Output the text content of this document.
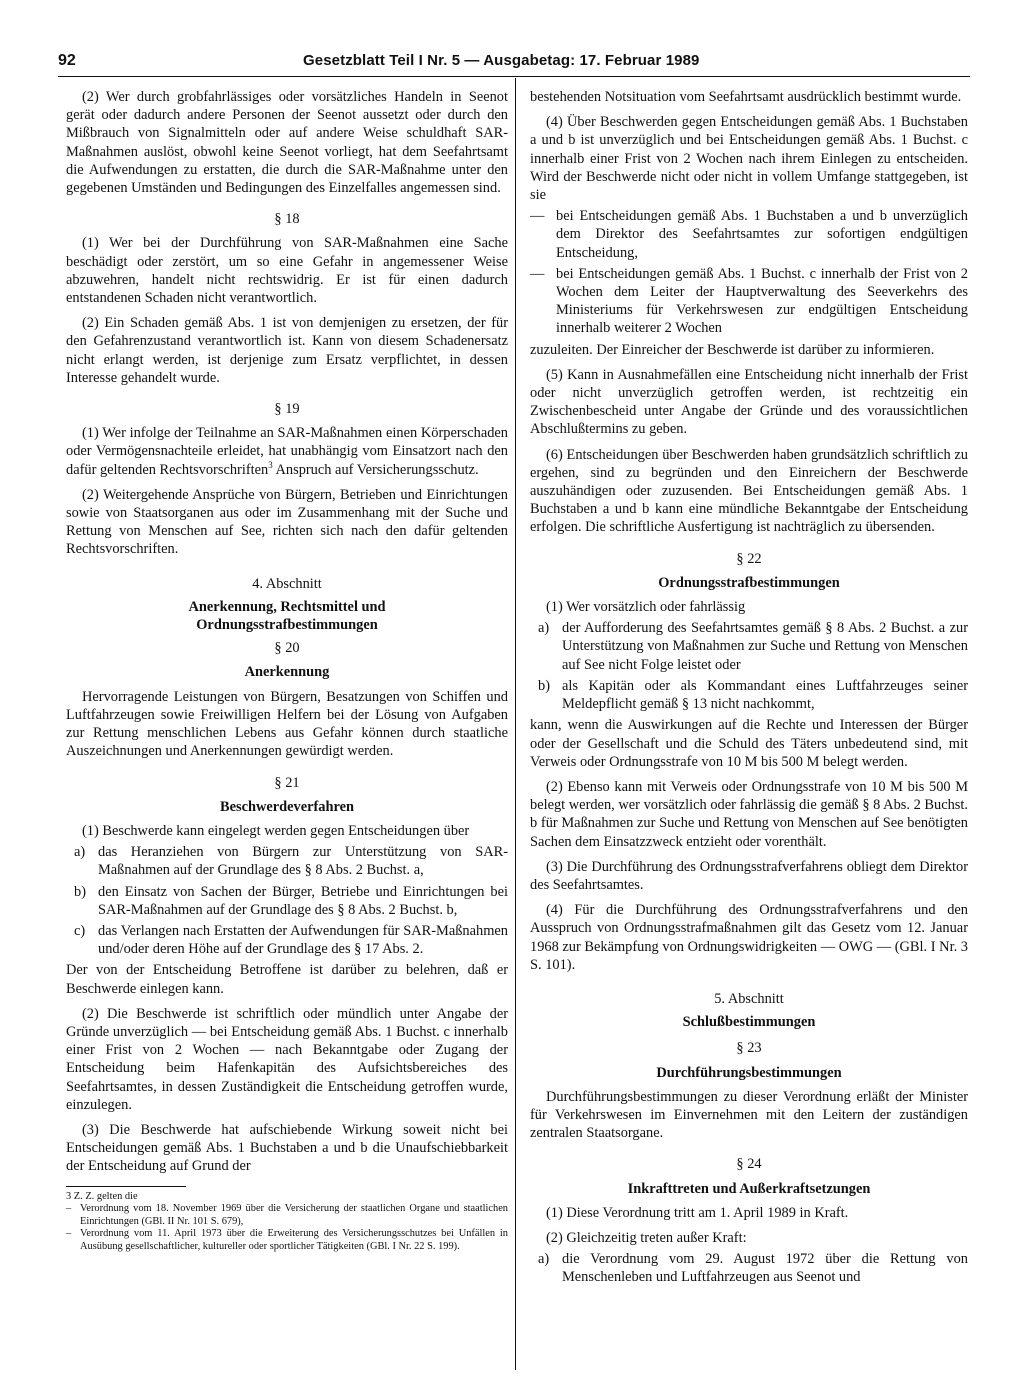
92	Gesetzblatt Teil I Nr. 5 — Ausgabetag: 17. Februar 1989

(2) Wer durch grobfahrlässiges oder vorsätzliches Handeln in Seenot gerät oder dadurch andere Personen der Seenot aussetzt oder durch den Mißbrauch von Signalmitteln oder auf andere Weise schuldhaft SAR-Maßnahmen auslöst, obwohl keine Seenot vorliegt, hat dem Seefahrtsamt die Aufwendungen zu erstatten, die durch die SAR-Maßnahme unter den gegebenen Umständen und Bedingungen des Einzelfalles angemessen sind.

§ 18

(1) Wer bei der Durchführung von SAR-Maßnahmen eine Sache beschädigt oder zerstört, um so eine Gefahr in angemessener Weise abzuwehren, handelt nicht rechtswidrig. Er ist für einen dadurch entstandenen Schaden nicht verantwortlich.

(2) Ein Schaden gemäß Abs. 1 ist von demjenigen zu ersetzen, der für den Gefahrenzustand verantwortlich ist. Kann von diesem Schadenersatz nicht erlangt werden, ist derjenige zum Ersatz verpflichtet, in dessen Interesse gehandelt wurde.

§ 19

(1) Wer infolge der Teilnahme an SAR-Maßnahmen einen Körperschaden oder Vermögensnachteile erleidet, hat unabhängig vom Einsatzort nach den dafür geltenden Rechtsvorschriften$^3$ Anspruch auf Versicherungsschutz.

(2) Weitergehende Ansprüche von Bürgern, Betrieben und Einrichtungen sowie von Staatsorganen aus oder im Zusammenhang mit der Suche und Rettung von Menschen auf See, richten sich nach den dafür geltenden Rechtsvorschriften.

4. Abschnitt
Anerkennung, Rechtsmittel und
Ordnungsstrafbestimmungen
§ 20
Anerkennung

Hervorragende Leistungen von Bürgern, Besatzungen von Schiffen und Luftfahrzeugen sowie Freiwilligen Helfern bei der Lösung von Aufgaben zur Rettung menschlichen Lebens aus Gefahr können durch staatliche Auszeichnungen und Anerkennungen gewürdigt werden.

§ 21
Beschwerdeverfahren

(1) Beschwerde kann eingelegt werden gegen Entscheidungen über

a) das Heranziehen von Bürgern zur Unterstützung von SAR-Maßnahmen auf der Grundlage des § 8 Abs. 2 Buchst. a,
b) den Einsatz von Sachen der Bürger, Betriebe und Einrichtungen bei SAR-Maßnahmen auf der Grundlage des § 8 Abs. 2 Buchst. b,
c) das Verlangen nach Erstatten der Aufwendungen für SAR-Maßnahmen und/oder deren Höhe auf der Grundlage des § 17 Abs. 2.

Der von der Entscheidung Betroffene ist darüber zu belehren, daß er Beschwerde einlegen kann.

(2) Die Beschwerde ist schriftlich oder mündlich unter Angabe der Gründe unverzüglich — bei Entscheidung gemäß Abs. 1 Buchst. c innerhalb einer Frist von 2 Wochen — nach Bekanntgabe oder Zugang der Entscheidung beim Hafenkapitän des Aufsichtsbereiches des Seefahrtsamtes, in dessen Zuständigkeit die Entscheidung getroffen wurde, einzulegen.

(3) Die Beschwerde hat aufschiebende Wirkung soweit nicht bei Entscheidungen gemäß Abs. 1 Buchstaben a und b die Unaufschiebbarkeit der Entscheidung auf Grund der

3 Z. Z. gelten die
– Verordnung vom 18. November 1969 über die Versicherung der staatlichen Organe und staatlichen Einrichtungen (GBl. II Nr. 101 S. 679),
– Verordnung vom 11. April 1973 über die Erweiterung des Versicherungsschutzes bei Unfällen in Ausübung gesellschaftlicher, kultureller oder sportlicher Tätigkeiten (GBl. I Nr. 22 S. 199).

bestehenden Notsituation vom Seefahrtsamt ausdrücklich bestimmt wurde.

(4) Über Beschwerden gegen Entscheidungen gemäß Abs. 1 Buchstaben a und b ist unverzüglich und bei Entscheidungen gemäß Abs. 1 Buchst. c innerhalb einer Frist von 2 Wochen nach ihrem Einlegen zu entscheiden. Wird der Beschwerde nicht oder nicht in vollem Umfange stattgegeben, ist sie

— bei Entscheidungen gemäß Abs. 1 Buchstaben a und b unverzüglich dem Direktor des Seefahrtsamtes zur sofortigen endgültigen Entscheidung,
— bei Entscheidungen gemäß Abs. 1 Buchst. c innerhalb der Frist von 2 Wochen dem Leiter der Hauptverwaltung des Seeverkehrs des Ministeriums für Verkehrswesen zur endgültigen Entscheidung innerhalb weiterer 2 Wochen

zuzuleiten. Der Einreicher der Beschwerde ist darüber zu informieren.

(5) Kann in Ausnahmefällen eine Entscheidung nicht innerhalb der Frist oder nicht unverzüglich getroffen werden, ist rechtzeitig ein Zwischenbescheid unter Angabe der Gründe und des voraussichtlichen Abschlußtermins zu geben.

(6) Entscheidungen über Beschwerden haben grundsätzlich schriftlich zu ergehen, sind zu begründen und den Einreichern der Beschwerde auszuhändigen oder zuzusenden. Bei Entscheidungen gemäß Abs. 1 Buchstaben a und b kann eine mündliche Bekanntgabe der Entscheidung erfolgen. Die schriftliche Ausfertigung ist nachträglich zu übersenden.

§ 22
Ordnungsstrafbestimmungen

(1) Wer vorsätzlich oder fahrlässig

a) der Aufforderung des Seefahrtsamtes gemäß § 8 Abs. 2 Buchst. a zur Unterstützung von Maßnahmen zur Suche und Rettung von Menschen auf See nicht Folge leistet oder
b) als Kapitän oder als Kommandant eines Luftfahrzeuges seiner Meldepflicht gemäß § 13 nicht nachkommt,

kann, wenn die Auswirkungen auf die Rechte und Interessen der Bürger oder der Gesellschaft und die Schuld des Täters unbedeutend sind, mit Verweis oder Ordnungsstrafe von 10 M bis 500 M belegt werden.

(2) Ebenso kann mit Verweis oder Ordnungsstrafe von 10 M bis 500 M belegt werden, wer vorsätzlich oder fahrlässig die gemäß § 8 Abs. 2 Buchst. b für Maßnahmen zur Suche und Rettung von Menschen auf See benötigten Sachen dem Einsatzzweck entzieht oder vorenthält.

(3) Die Durchführung des Ordnungsstrafverfahrens obliegt dem Direktor des Seefahrtsamtes.

(4) Für die Durchführung des Ordnungsstrafverfahrens und den Ausspruch von Ordnungsstrafmaßnahmen gilt das Gesetz vom 12. Januar 1968 zur Bekämpfung von Ordnungswidrigkeiten — OWG — (GBl. I Nr. 3 S. 101).

5. Abschnitt
Schlußbestimmungen
§ 23
Durchführungsbestimmungen

Durchführungsbestimmungen zu dieser Verordnung erläßt der Minister für Verkehrswesen im Einvernehmen mit den Leitern der zuständigen zentralen Staatsorgane.

§ 24
Inkrafttreten und Außerkraftsetzungen

(1) Diese Verordnung tritt am 1. April 1989 in Kraft.

(2) Gleichzeitig treten außer Kraft:

a) die Verordnung vom 29. August 1972 über die Rettung von Menschenleben und Luftfahrzeugen aus Seenot und
